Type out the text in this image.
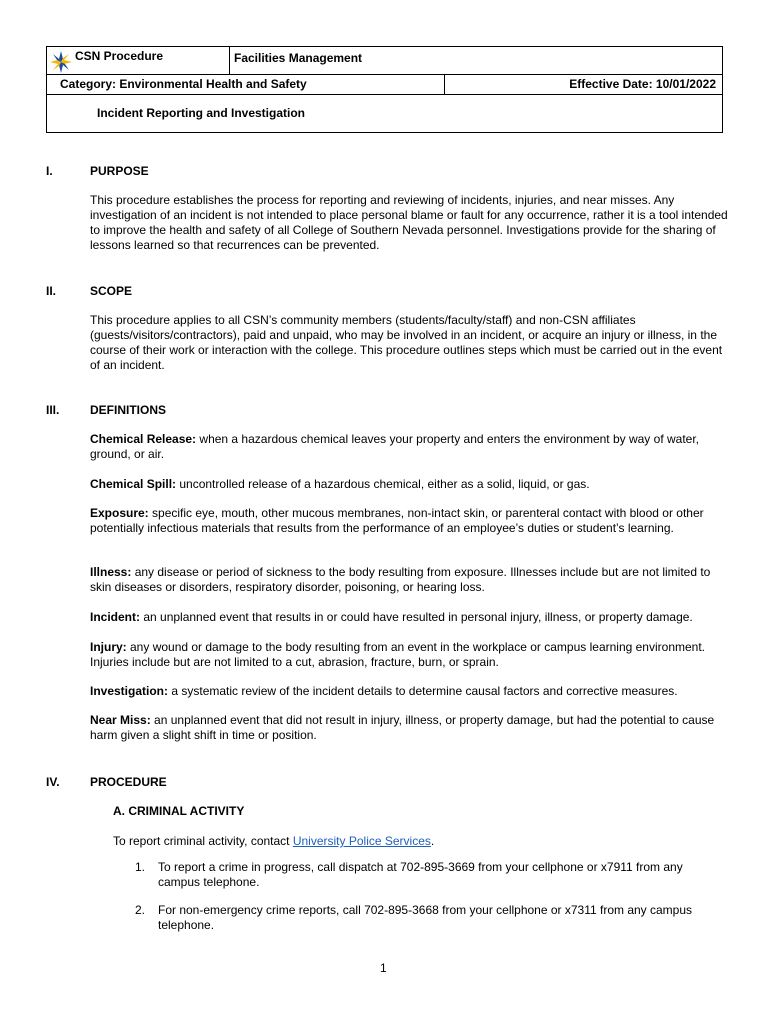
CSN Procedure	Facilities Management
Category: Environmental Health and Safety	Effective Date: 10/01/2022
Incident Reporting and Investigation
I.	PURPOSE
This procedure establishes the process for reporting and reviewing of incidents, injuries, and near misses. Any investigation of an incident is not intended to place personal blame or fault for any occurrence, rather it is a tool intended to improve the health and safety of all College of Southern Nevada personnel. Investigations provide for the sharing of lessons learned so that recurrences can be prevented.
II.	SCOPE
This procedure applies to all CSN’s community members (students/faculty/staff) and non-CSN affiliates (guests/visitors/contractors), paid and unpaid, who may be involved in an incident, or acquire an injury or illness, in the course of their work or interaction with the college. This procedure outlines steps which must be carried out in the event of an incident.
III.	DEFINITIONS
Chemical Release: when a hazardous chemical leaves your property and enters the environment by way of water, ground, or air.
Chemical Spill: uncontrolled release of a hazardous chemical, either as a solid, liquid, or gas.
Exposure: specific eye, mouth, other mucous membranes, non-intact skin, or parenteral contact with blood or other potentially infectious materials that results from the performance of an employee’s duties or student’s learning.
Illness: any disease or period of sickness to the body resulting from exposure. Illnesses include but are not limited to skin diseases or disorders, respiratory disorder, poisoning, or hearing loss.
Incident: an unplanned event that results in or could have resulted in personal injury, illness, or property damage.
Injury: any wound or damage to the body resulting from an event in the workplace or campus learning environment. Injuries include but are not limited to a cut, abrasion, fracture, burn, or sprain.
Investigation: a systematic review of the incident details to determine causal factors and corrective measures.
Near Miss: an unplanned event that did not result in injury, illness, or property damage, but had the potential to cause harm given a slight shift in time or position.
IV.	PROCEDURE
A. CRIMINAL ACTIVITY
To report criminal activity, contact University Police Services.
1. To report a crime in progress, call dispatch at 702-895-3669 from your cellphone or x7911 from any campus telephone.
2. For non-emergency crime reports, call 702-895-3668 from your cellphone or x7311 from any campus telephone.
1
